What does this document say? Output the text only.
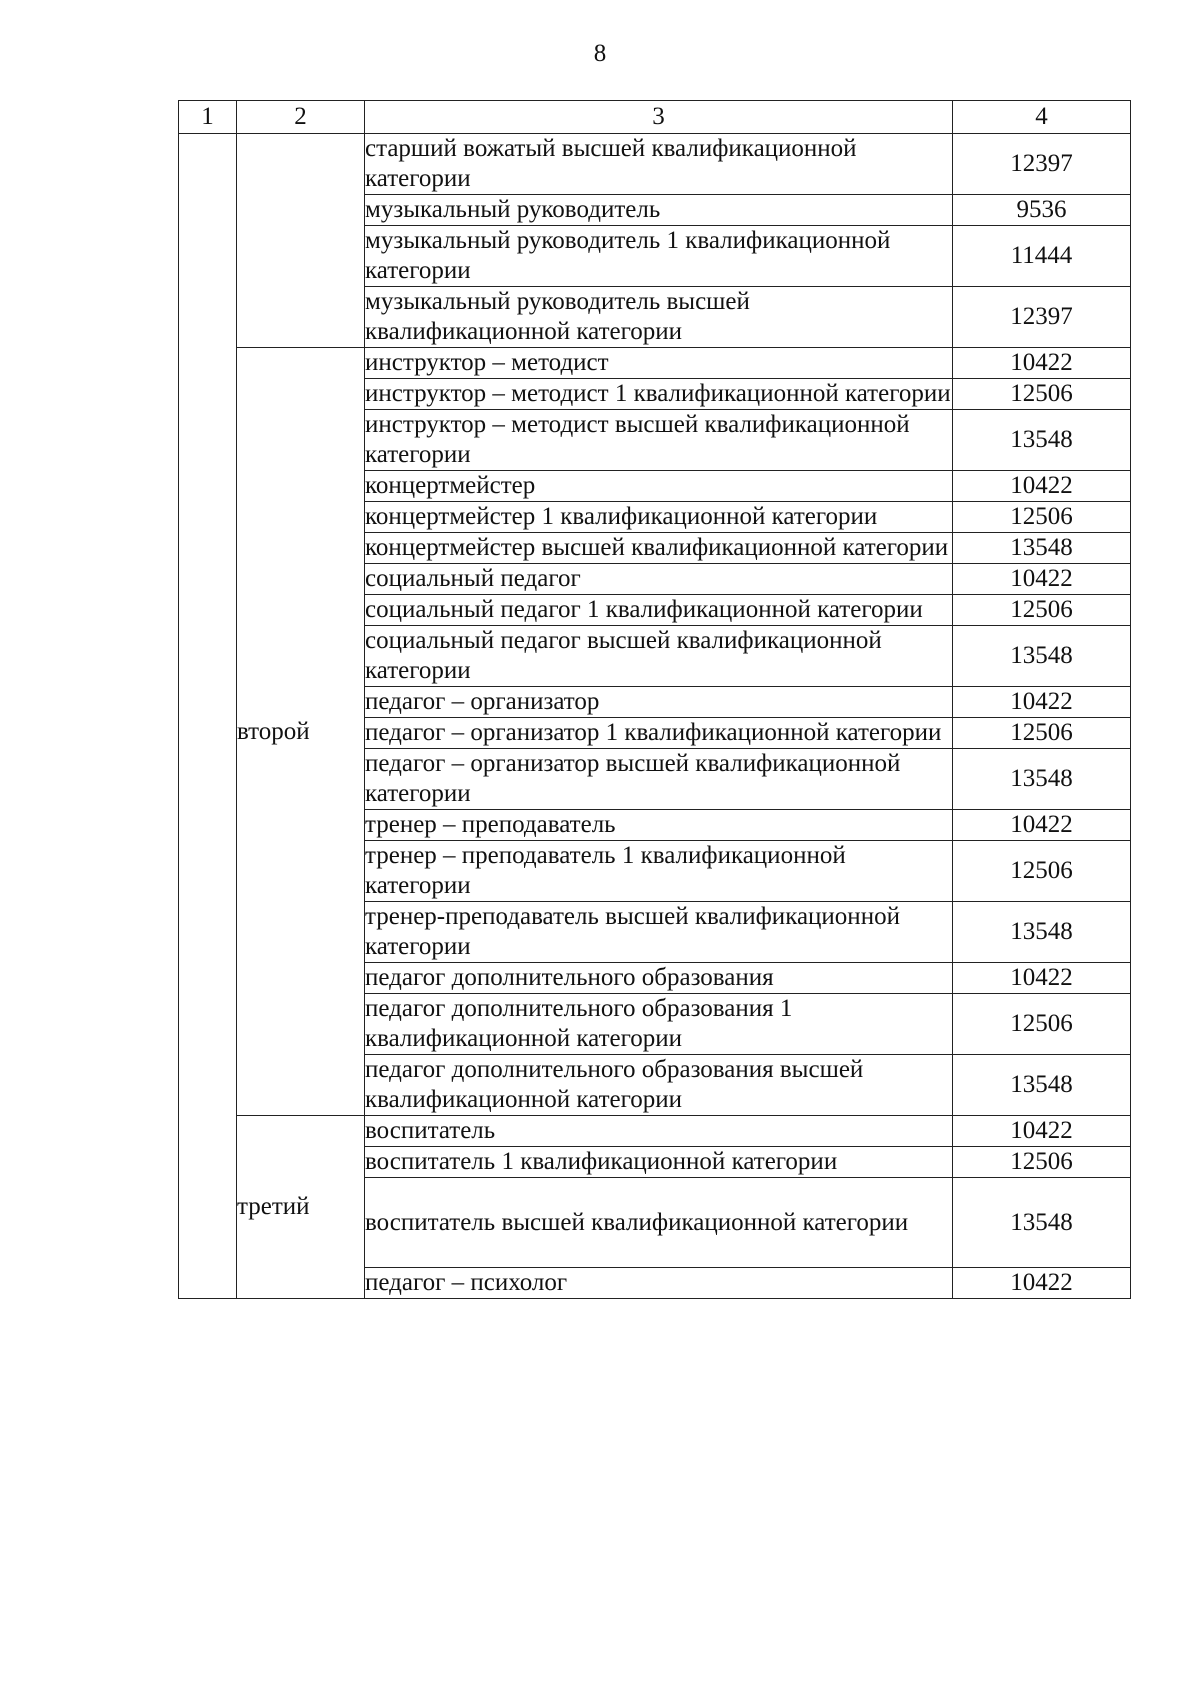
8
1	2	3	4
		старший вожатый высшей квалификационной категории	12397
		музыкальный руководитель	9536
		музыкальный руководитель 1 квалификационной категории	11444
		музыкальный руководитель высшей квалификационной категории	12397
	второй	инструктор – методист	10422
		инструктор – методист 1 квалификационной категории	12506
		инструктор – методист высшей квалификационной категории	13548
		концертмейстер	10422
		концертмейстер 1 квалификационной категории	12506
		концертмейстер высшей квалификационной категории	13548
		социальный педагог	10422
		социальный педагог 1 квалификационной категории	12506
		социальный педагог высшей квалификационной категории	13548
		педагог – организатор	10422
		педагог – организатор 1 квалификационной категории	12506
		педагог – организатор высшей квалификационной категории	13548
		тренер – преподаватель	10422
		тренер – преподаватель 1 квалификационной категории	12506
		тренер-преподаватель высшей квалификационной категории	13548
		педагог дополнительного образования	10422
		педагог дополнительного образования 1 квалификационной категории	12506
		педагог дополнительного образования высшей квалификационной категории	13548
	третий	воспитатель	10422
		воспитатель 1 квалификационной категории	12506
		воспитатель высшей квалификационной категории	13548
		педагог – психолог	10422
